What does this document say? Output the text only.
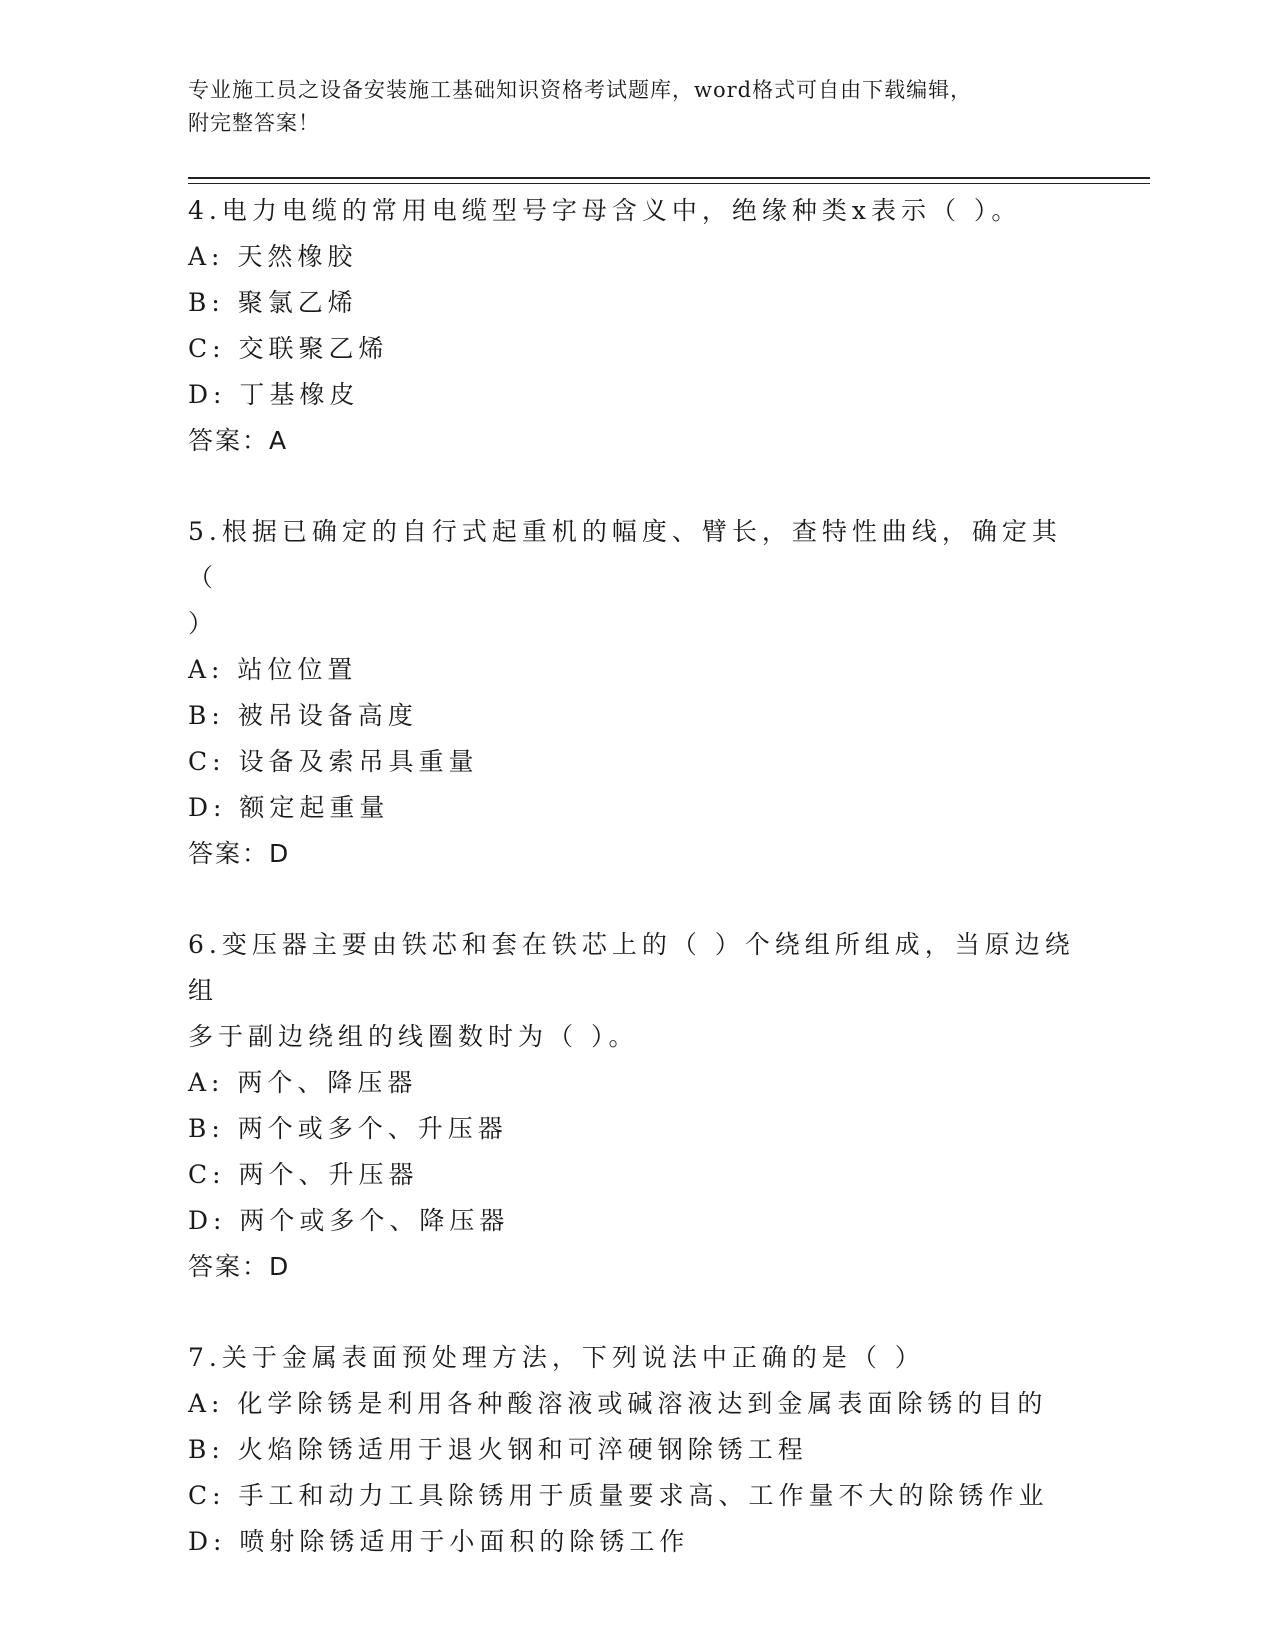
专业施工员之设备安装施工基础知识资格考试题库，word格式可自由下载编辑，
附完整答案！
4.电力电缆的常用电缆型号字母含义中，绝缘种类x表示（ ）。
A: 天然橡胶
B: 聚氯乙烯
C: 交联聚乙烯
D: 丁基橡皮
答案：A
5.根据已确定的自行式起重机的幅度、臂长，查特性曲线，确定其（
）
A: 站位位置
B: 被吊设备高度
C: 设备及索吊具重量
D: 额定起重量
答案：D
6.变压器主要由铁芯和套在铁芯上的（ ）个绕组所组成，当原边绕组
多于副边绕组的线圈数时为（ ）。
A: 两个、降压器
B: 两个或多个、升压器
C: 两个、升压器
D: 两个或多个、降压器
答案：D
7.关于金属表面预处理方法，下列说法中正确的是（ ）
A: 化学除锈是利用各种酸溶液或碱溶液达到金属表面除锈的目的
B: 火焰除锈适用于退火钢和可淬硬钢除锈工程
C: 手工和动力工具除锈用于质量要求高、工作量不大的除锈作业
D: 喷射除锈适用于小面积的除锈工作
